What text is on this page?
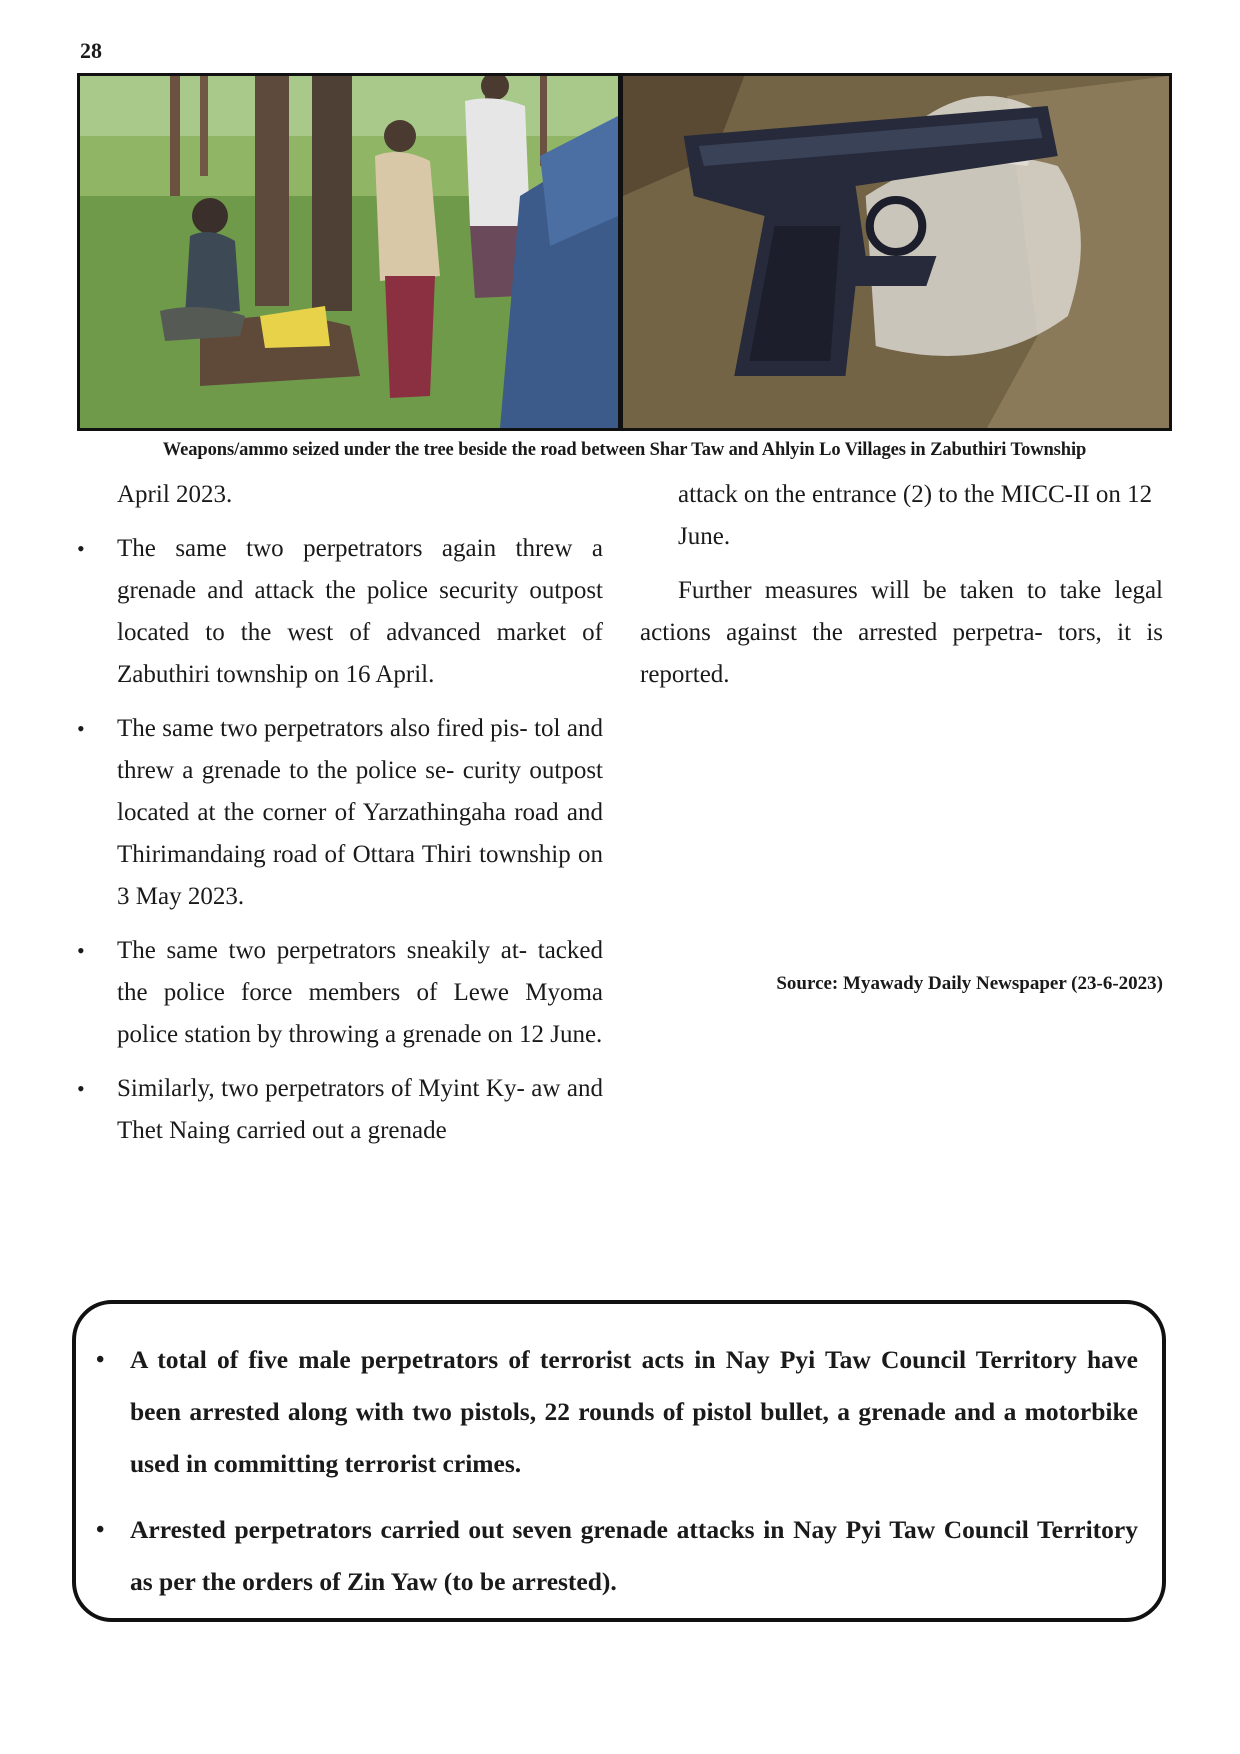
28
Weapons/ammo seized under the tree beside the road between Shar Taw and Ahlyin Lo Villages in Zabuthiri Township

April 2023.

• The same two perpetrators again threw a grenade and attack the police security outpost located to the west of advanced market of Zabuthiri township on 16 April.
• The same two perpetrators also fired pis- tol and threw a grenade to the police se- curity outpost located at the corner of Yarzathingaha road and Thirimandaing road of Ottara Thiri township on 3 May 2023.
• The same two perpetrators sneakily at- tacked the police force members of Lewe Myoma police station by throwing a grenade on 12 June.
• Similarly, two perpetrators of Myint Ky- aw and Thet Naing carried out a grenade

attack on the entrance (2) to the MICC-II on 12 June.

Further measures will be taken to take legal actions against the arrested perpetra- tors, it is reported.

Source: Myawady Daily Newspaper (23-6-2023)
• A total of five male perpetrators of terrorist acts in Nay Pyi Taw Council Territory have been arrested along with two pistols, 22 rounds of pistol bullet, a grenade and a motorbike used in committing terrorist crimes.
• Arrested perpetrators carried out seven grenade attacks in Nay Pyi Taw Council Territory as per the orders of Zin Yaw (to be arrested).
